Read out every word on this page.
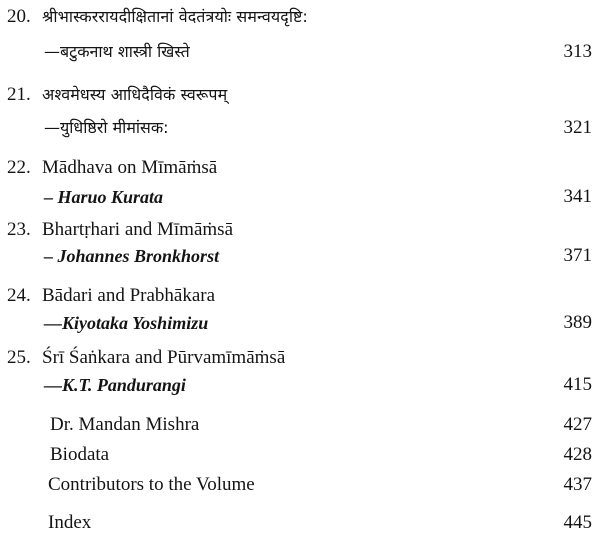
20. श्रीभास्कररायदीक्षितानां वेदतंत्रयोः समन्वयदृष्टि:
—बटुकनाथ शास्त्री खिस्ते	313
21. अश्वमेधस्य आधिदैविकं स्वरूपम्
—युधिष्ठिरो मीमांसक:	321
22. Mādhava on Mīmāṁsā
– Haruo Kurata	341
23. Bhartṛhari and Mīmāṁsā
– Johannes Bronkhorst	371
24. Bādari and Prabhākara
—Kiyotaka Yoshimizu	389
25. Śrī Śaṅkara and Pūrvamīmāṁsā
—K.T. Pandurangi	415
Dr. Mandan Mishra	427
Biodata	428
Contributors to the Volume	437
Index	445
